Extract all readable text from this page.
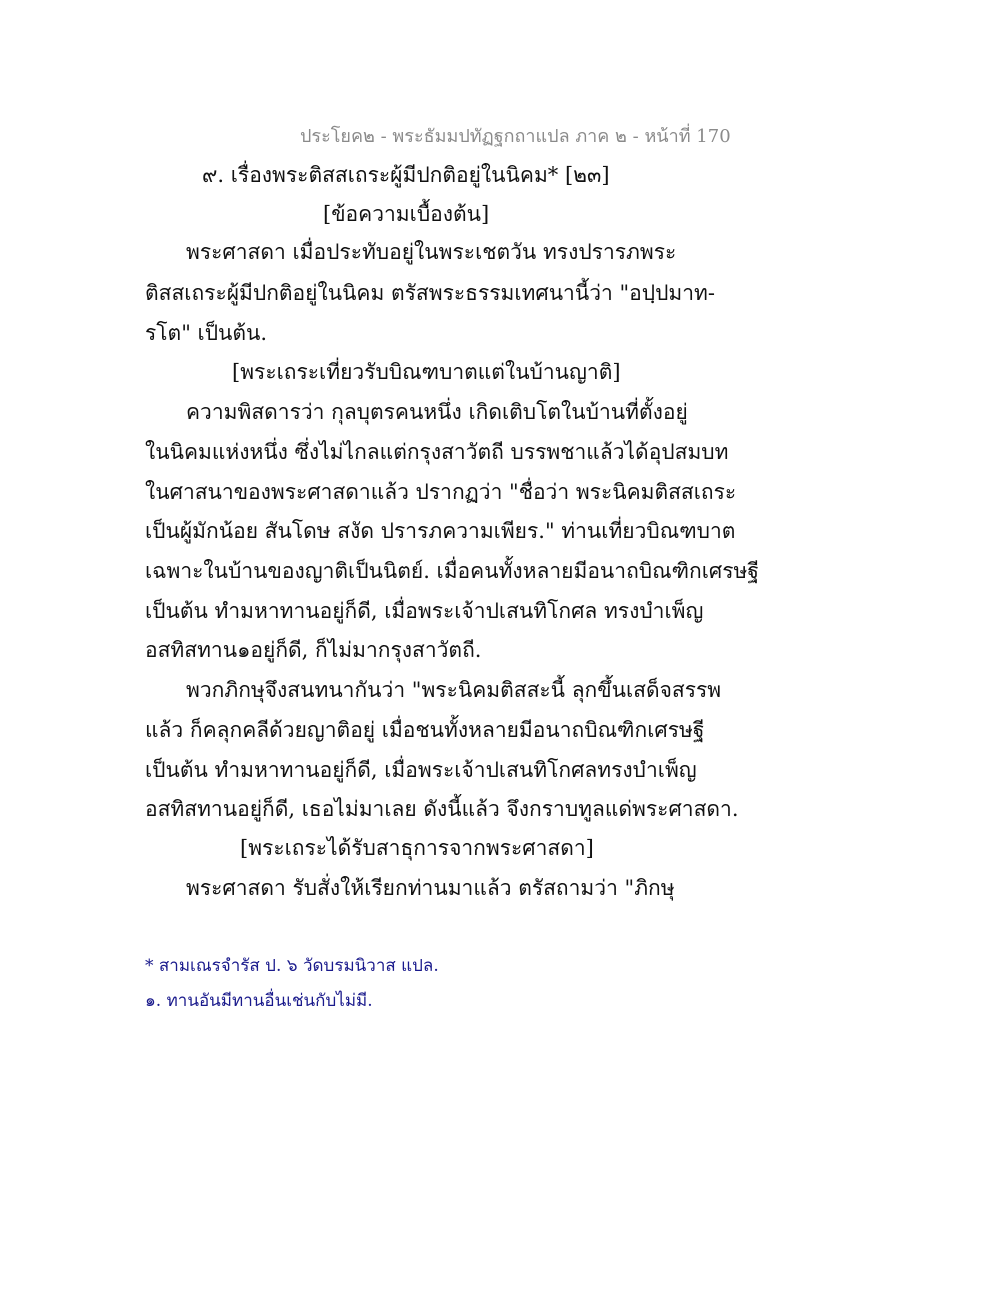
ประโยค๒ - พระธัมมปทัฏฐกถาแปล ภาค ๒ - หน้าที่ 170
๙. เรื่องพระติสสเถระผู้มีปกติอยู่ในนิคม* [๒๓]
[ข้อความเบื้องต้น]
พระศาสดา เมื่อประทับอยู่ในพระเชตวัน ทรงปรารภพระ
ติสสเถระผู้มีปกติอยู่ในนิคม ตรัสพระธรรมเทศนานี้ว่า "อปฺปมาท-
รโต" เป็นต้น.
[พระเถระเที่ยวรับบิณฑบาตแต่ในบ้านญาติ]
ความพิสดารว่า กุลบุตรคนหนึ่ง เกิดเติบโตในบ้านที่ตั้งอยู่
ในนิคมแห่งหนึ่ง ซึ่งไม่ไกลแต่กรุงสาวัตถี บรรพชาแล้วได้อุปสมบท
ในศาสนาของพระศาสดาแล้ว ปรากฏว่า "ชื่อว่า พระนิคมติสสเถระ
เป็นผู้มักน้อย สันโดษ สงัด ปรารภความเพียร." ท่านเที่ยวบิณฑบาต
เฉพาะในบ้านของญาติเป็นนิตย์. เมื่อคนทั้งหลายมีอนาถบิณฑิกเศรษฐี
เป็นต้น ทำมหาทานอยู่ก็ดี, เมื่อพระเจ้าปเสนทิโกศล ทรงบำเพ็ญ
อสทิสทาน๑อยู่ก็ดี, ก็ไม่มากรุงสาวัตถี.
พวกภิกษุจึงสนทนากันว่า "พระนิคมติสสะนี้ ลุกขึ้นเสด็จสรรพ
แล้ว ก็คลุกคลีด้วยญาติอยู่ เมื่อชนทั้งหลายมีอนาถบิณฑิกเศรษฐี
เป็นต้น ทำมหาทานอยู่ก็ดี, เมื่อพระเจ้าปเสนทิโกศลทรงบำเพ็ญ
อสทิสทานอยู่ก็ดี, เธอไม่มาเลย ดังนี้แล้ว จึงกราบทูลแด่พระศาสดา.
[พระเถระได้รับสาธุการจากพระศาสดา]
พระศาสดา รับสั่งให้เรียกท่านมาแล้ว ตรัสถามว่า "ภิกษุ
* สามเณรจำรัส ป. ๖ วัดบรมนิวาส แปล.
๑. ทานอันมีทานอื่นเช่นกับไม่มี.
